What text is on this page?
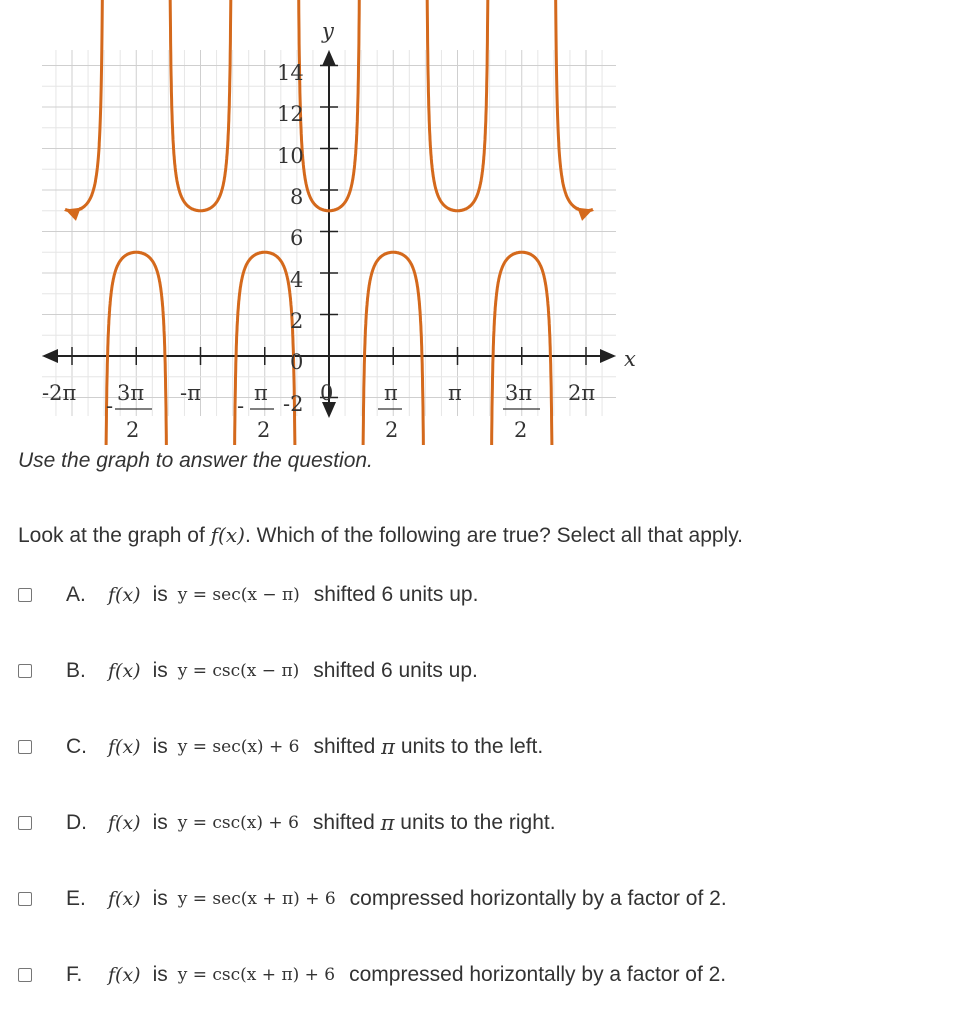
14
12
10
8
6
4
2
0
-2
y
x
-2π
-
3π
2
-π
-
π
2
0 π
2
π 3π
2
2π
Use the graph to answer the question.
Look at the graph of f(x). Which of the following are true? Select all that apply.
A.	f(x) is y = sec(x − π) shifted 6 units up.
B.	f(x) is y = csc(x − π) shifted 6 units up.
C.	f(x) is y = sec(x) + 6 shifted
π
units to the left.
D.	f(x) is y = csc(x) + 6 shifted
π
units to the right.
E.	f(x) is y = sec(x + π) + 6 compressed horizontally by a factor of 2.
F.	f(x) is y = csc(x + π) + 6 compressed horizontally by a factor of 2.
